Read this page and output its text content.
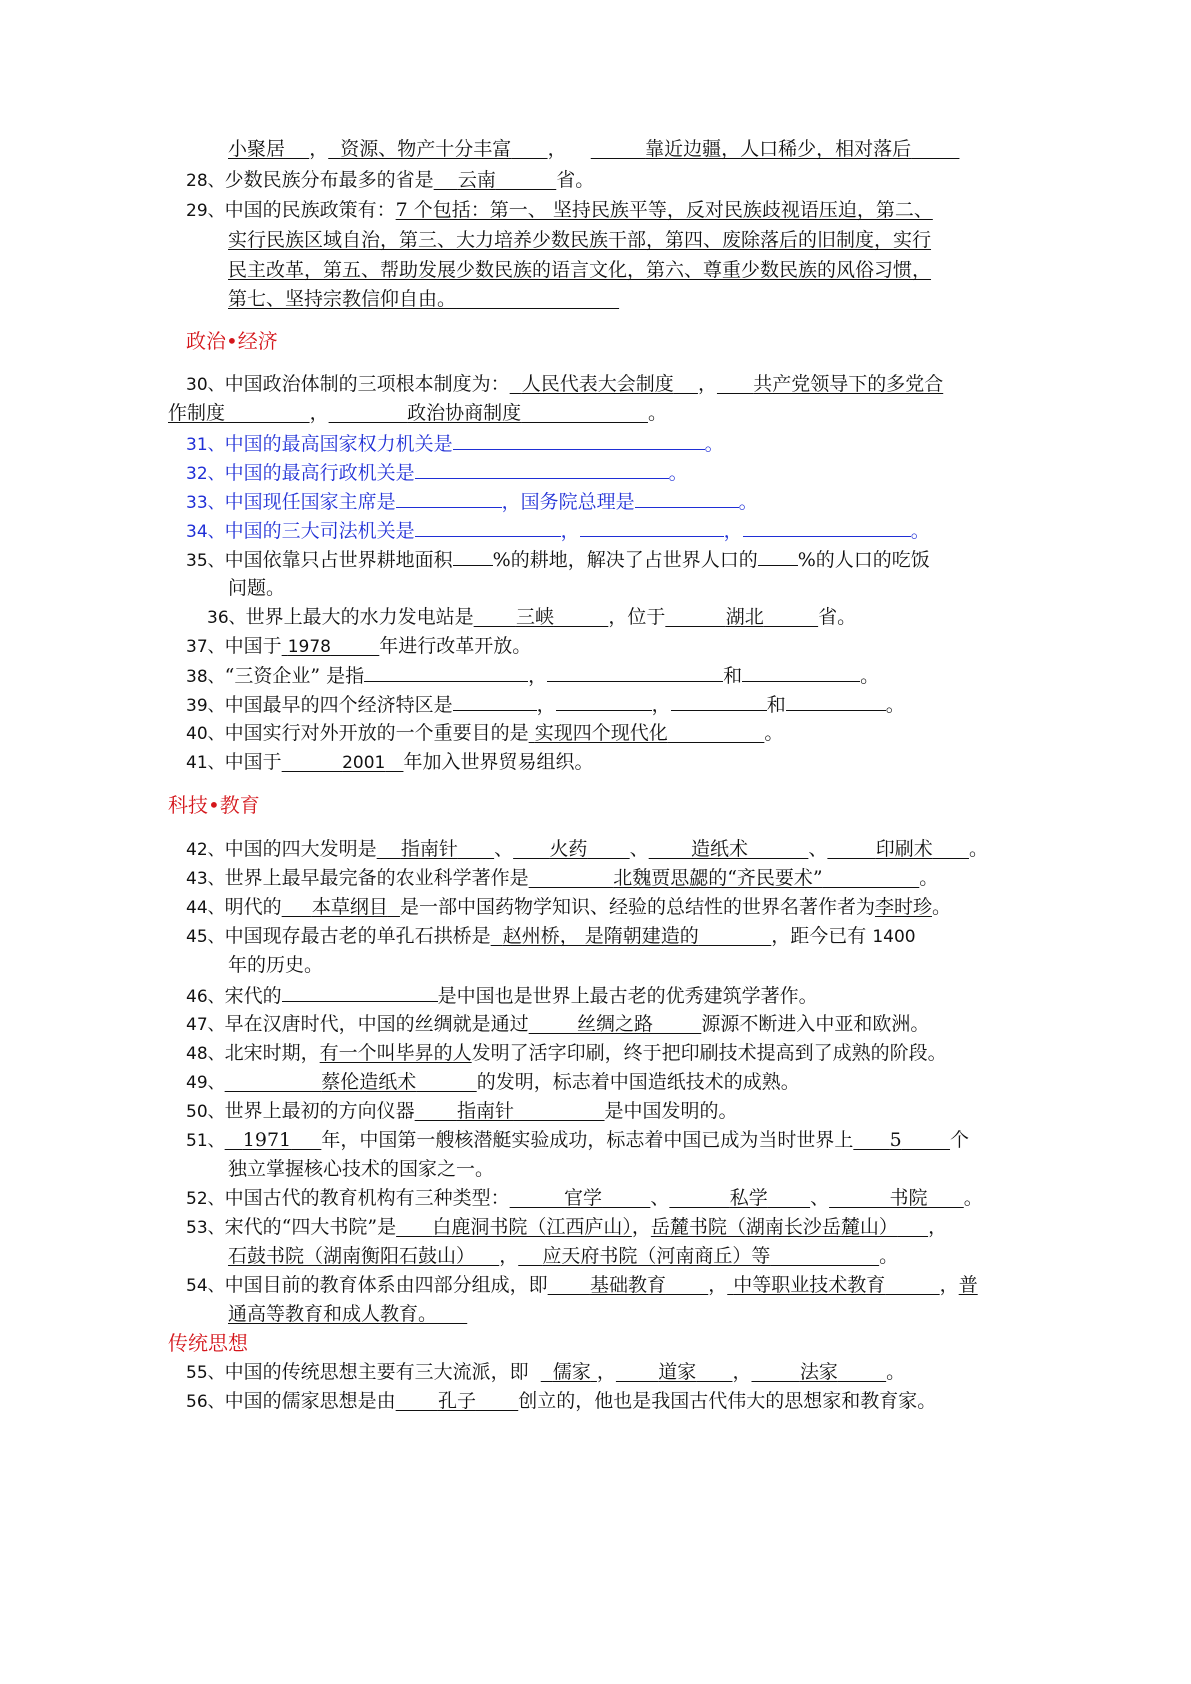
小聚居 ， 资源、物产十分丰富 ，	靠近边疆，人口稀少，相对落后
28、少数民族分布最多的省是 云南	省。
29、中国的民族政策有：7 个包括：第一、 坚持民族平等，反对民族歧视语压迫，第二、
实行民族区域自治，第三、大力培养少数民族干部，第四、废除落后的旧制度，实行
民主改革，第五、帮助发展少数民族的语言文化，第六、尊重少数民族的风俗习惯，
第七、坚持宗教信仰自由。
政治•经济
30、中国政治体制的三项根本制度为： 人民代表大会制度 ， 共产党领导下的多党合
作制度	，	政治协商制度	。
31、中国的最高国家权力机关是	。
32、中国的最高行政机关是	。
33、中国现任国家主席是	，国务院总理是	。
34、中国的三大司法机关是	，	，	。
35、中国依靠只占世界耕地面积 %的耕地，解决了占世界人口的 %的人口的吃饭
问题。
36、世界上最大的水力发电站是 三峡	，位于	湖北	省。
37、中国于 1978	年进行改革开放。
38、“三资企业” 是指	，	和	。
39、中国最早的四个经济特区是	，	，	和	。
40、中国实行对外开放的一个重要目的是 实现四个现代化	。
41、中国于	2001 年加入世界贸易组织。
科技•教育
42、中国的四大发明是 指南针 、 火药 、 造纸术	、	印刷术 。
43、世界上最早最完备的农业科学著作是	北魏贾思勰的“齐民要术”	。
44、明代的 本草纲目 是一部中国药物学知识、经验的总结性的世界名著作者为李时珍。
45、中国现存最古老的单孔石拱桥是 赵州桥， 是隋朝建造的	，距今已有 1400
年的历史。
46、宋代的	是中国也是世界上最古老的优秀建筑学著作。
47、早在汉唐时代，中国的丝绸就是通过	丝绸之路	源源不断进入中亚和欧洲。
48、北宋时期，有一个叫毕昇的人发明了活字印刷，终于把印刷技术提高到了成熟的阶段。
49、	蔡伦造纸术	的发明，标志着中国造纸技术的成熟。
50、世界上最初的方向仪器 指南针	是中国发明的。
51、 1971 年，中国第一艘核潜艇实验成功，标志着中国已成为当时世界上 5	个
独立掌握核心技术的国家之一。
52、中国古代的教育机构有三种类型：	官学	、	私学 、	书院 。
53、宋代的“四大书院”是 白鹿洞书院（江西庐山），岳麓书院（湖南长沙岳麓山） ，
石鼓书院（湖南衡阳石鼓山） ， 应天府书院（河南商丘）等	。
54、中国目前的教育体系由四部分组成，即 基础教育 ， 中等职业技术教育	，普
通高等教育和成人教育。
传统思想
55、中国的传统思想主要有三大流派，即 儒家 ， 道家 ，	法家	。
56、中国的儒家思想是由 孔子 创立的，他也是我国古代伟大的思想家和教育家。
